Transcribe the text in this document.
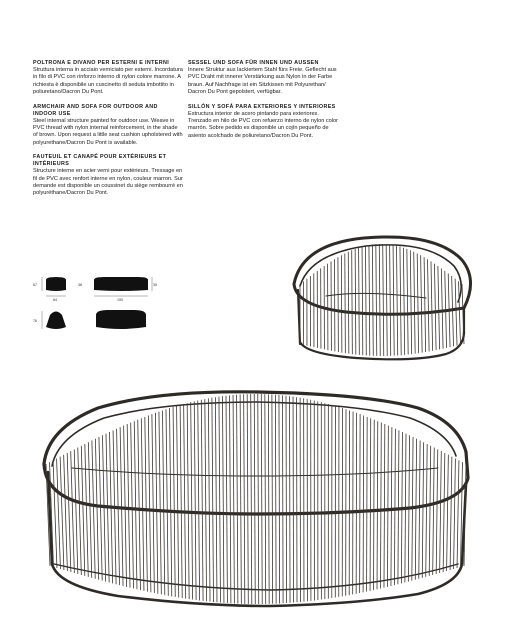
POLTRONA E DIVANO PER ESTERNI E INTERNI
Struttura interna in acciaio verniciato per esterni. Incordatura in filo di PVC con rinforzo interno di nylon colore marrone. A richiesta è disponibile un cuscinetto di seduta imbottito in poliuretano/Dacron Du Pont.
ARMCHAIR AND SOFA FOR OUTDOOR AND INDOOR USE
Steel internal structure painted for outdoor use. Weave in PVC thread with nylon internal reinforcement, in the shade of brown. Upon request a little seat cushion upholstered with polyurethane/Dacron Du Pont is available.
FAUTEUIL ET CANAPÉ POUR EXTÉRIEURS ET INTÉRIEURS
Structure interne en acier verni pour extérieurs. Tressage en fil de PVC avec renfort interne en nylon, couleur marron. Sur demande est disponible un coussinet du siège rembourré en polyuréthane/Dacron Du Pont.
SESSEL UND SOFA FÜR INNEN UND AUSSEN
Innere Struktur aus lackiertem Stahl fürs Freie. Geflecht aus PVC Draht mit innerer Verstärkung aus Nylon in der Farbe braun. Auf Nachfrage ist ein Sitzkissen mit Polyurethan/ Dacron Du Pont gepolstert, verfügbar.
SILLÓN Y SOFÁ PARA EXTERIORES Y INTERIORES
Estructura interior de acero pintando para exteriores. Trenzado en hilo de PVC con refuerzo interno de nylon color marrón. Sobre pedido es disponible un cojín pequeño de asiento acolchado de poliuretano/Dacron Du Pont.
67
84
36
190
35
76
